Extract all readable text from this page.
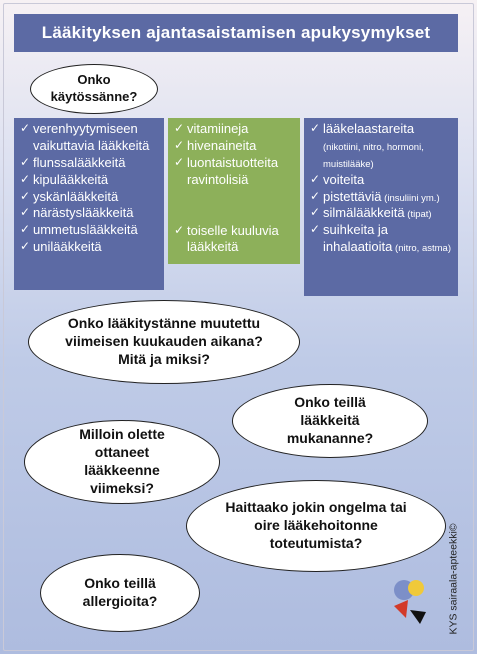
Lääkityksen ajantasaistamisen apukysymykset
Onko käytössänne?
✓ verenhyytymiseen vaikuttavia lääkkeitä
✓ flunssalääkkeitä
✓ kipulääkkeitä
✓ yskänlääkkeitä
✓ närästyslääkkeitä
✓ ummetuslääkkeitä
✓ unilääkkeitä
✓ vitamiineja
✓ hivenaineita
✓ luontaistuotteita ravintolisiä
✓ toiselle kuuluvia lääkkeitä
✓ lääkelaastareita (nikotiini, nitro, hormoni, muistilääke)
✓ voiteita
✓ pistettäviä (insuliini ym.)
✓ silmälääkkeitä (tipat)
✓ suihkeita ja inhalaatioita (nitro, astma)
Onko lääkitystänne muutettu viimeisen kuukauden aikana? Mitä ja miksi?
Onko teillä lääkkeitä mukananne?
Milloin olette ottaneet lääkkeenne viimeksi?
Haittaako jokin ongelma tai oire lääkehoitonne toteutumista?
Onko teillä allergioita?	KYS sairaala-apteekki©
